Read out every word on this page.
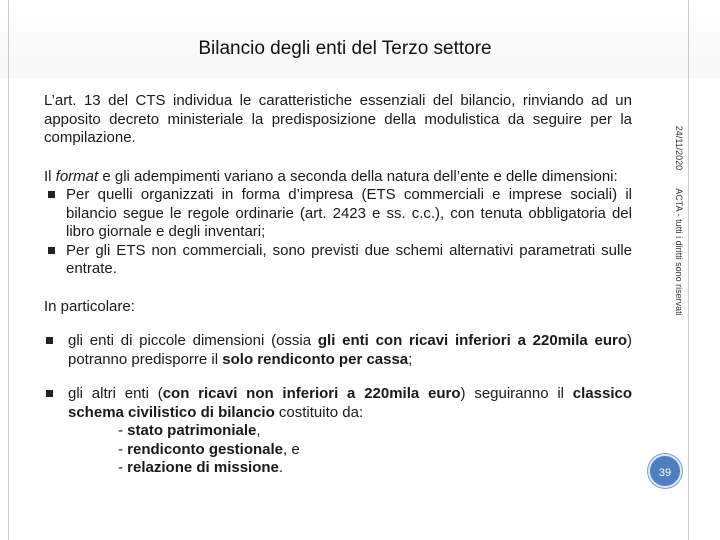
Bilancio degli enti del Terzo settore

L’art. 13 del CTS individua le caratteristiche essenziali del bilancio, rinviando ad un apposito decreto ministeriale la predisposizione della modulistica da seguire per la compilazione.

Il format e gli adempimenti variano a seconda della natura dell’ente e delle dimensioni:

Per quelli organizzati in forma d’impresa (ETS commerciali e imprese sociali) il bilancio segue le regole ordinarie (art. 2423 e ss. c.c.), con tenuta obbligatoria del libro giornale e degli inventari;
Per gli ETS non commerciali, sono previsti due schemi alternativi parametrati sulle entrate.

In particolare:

gli enti di piccole dimensioni (ossia gli enti con ricavi inferiori a 220mila euro) potranno predisporre il solo rendiconto per cassa;
gli altri enti (con ricavi non inferiori a 220mila euro) seguiranno il classico schema civilistico di bilancio costituito da:

- stato patrimoniale,

- rendiconto gestionale, e

- relazione di missione.

24/11/2020
ACTA - tutti i diritti sono riservati
39
